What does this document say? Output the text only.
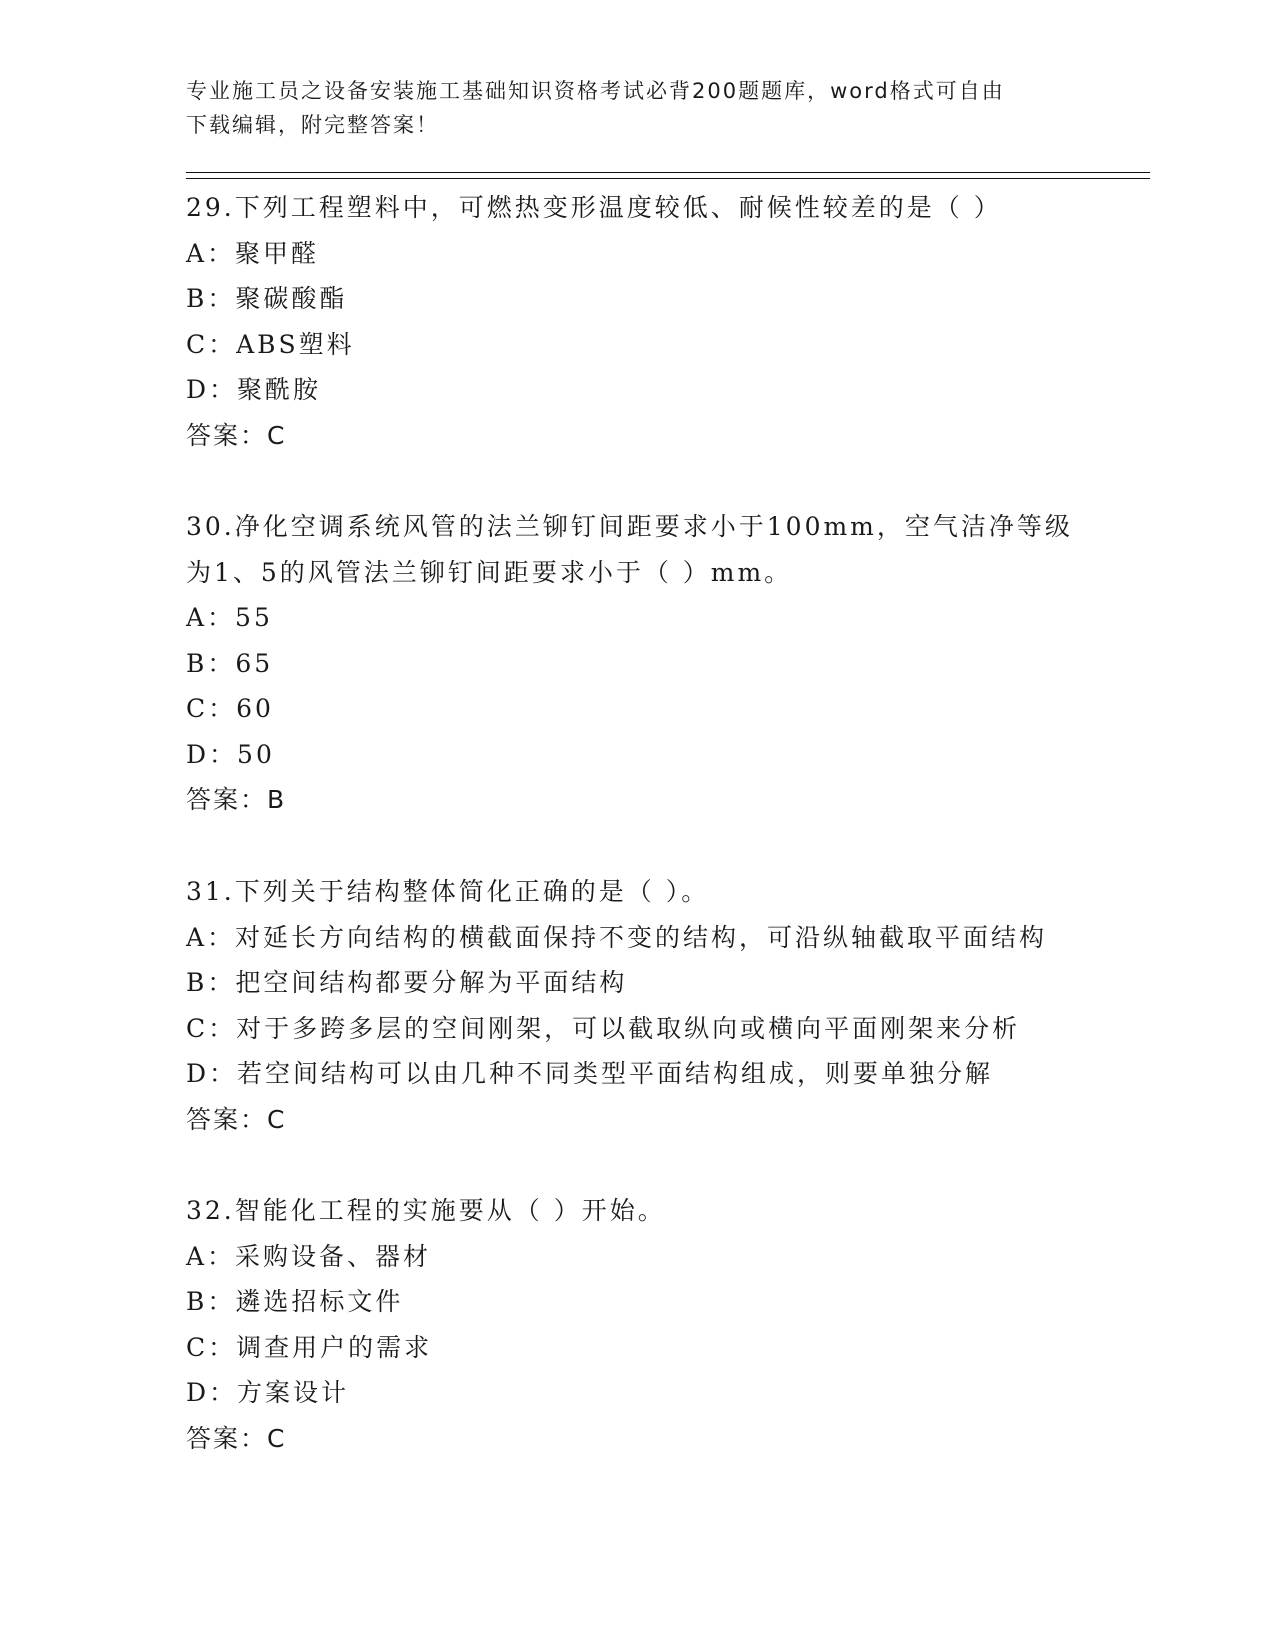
专业施工员之设备安装施工基础知识资格考试必背200题题库，word格式可自由
下载编辑，附完整答案！
29.下列工程塑料中，可燃热变形温度较低、耐候性较差的是（ ）
A：聚甲醛
B：聚碳酸酯
C：ABS塑料
D：聚酰胺
答案：C
30.净化空调系统风管的法兰铆钉间距要求小于100mm，空气洁净等级
为1、5的风管法兰铆钉间距要求小于（ ）mm。
A：55
B：65
C：60
D：50
答案：B
31.下列关于结构整体简化正确的是（ ）。
A：对延长方向结构的横截面保持不变的结构，可沿纵轴截取平面结构
B：把空间结构都要分解为平面结构
C：对于多跨多层的空间刚架，可以截取纵向或横向平面刚架来分析
D：若空间结构可以由几种不同类型平面结构组成，则要单独分解
答案：C
32.智能化工程的实施要从（ ）开始。
A：采购设备、器材
B：遴选招标文件
C：调查用户的需求
D：方案设计
答案：C
